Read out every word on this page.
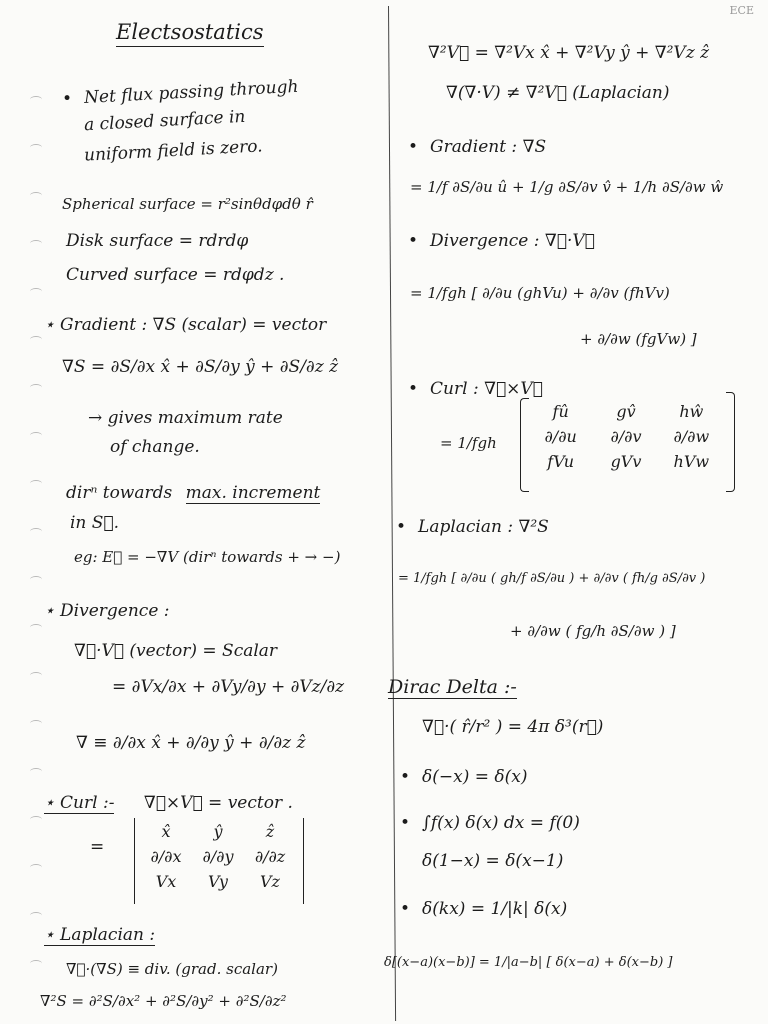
ECE
Electsostatics
• Net flux passing through
a closed surface in
uniform field is zero.
Spherical surface = r²sinθdφdθ r̂
Disk surface = rdrdφ
Curved surface = rdφdz .
⋆ Gradient : ∇S (scalar) = vector
∇S = ∂S/∂x x̂ + ∂S/∂y ŷ + ∂S/∂z ẑ
→ gives maximum rate
of change.
dirⁿ towards max. increment
in S⃗.
eg: E⃗ = −∇V (dirⁿ towards + → −)
⋆ Divergence :
∇⃗·V⃗ (vector) = Scalar
= ∂Vx/∂x + ∂Vy/∂y + ∂Vz/∂z
∇ ≡ ∂/∂x x̂ + ∂/∂y ŷ + ∂/∂z ẑ
⋆ Curl :- ∇⃗×V⃗ = vector .
=
x̂	ŷ	ẑ
∂/∂x	∂/∂y	∂/∂z
Vx	Vy	Vz
⋆ Laplacian :
∇⃗·(∇S) ≡ div. (grad. scalar)
∇²S = ∂²S/∂x² + ∂²S/∂y² + ∂²S/∂z²
∇²V⃗ = ∇²Vx x̂ + ∇²Vy ŷ + ∇²Vz ẑ
∇(∇·V) ≠ ∇²V⃗ (Laplacian)
• Gradient : ∇S
= 1/f ∂S/∂u û + 1/g ∂S/∂v v̂ + 1/h ∂S/∂w ŵ
• Divergence : ∇⃗·V⃗
= 1/fgh [ ∂/∂u (ghVu) + ∂/∂v (fhVv)
+ ∂/∂w (fgVw) ]
• Curl : ∇⃗×V⃗
= 1/fgh
fû	gv̂	hŵ
∂/∂u	∂/∂v	∂/∂w
fVu	gVv	hVw
• Laplacian : ∇²S
= 1/fgh [ ∂/∂u ( gh/f ∂S/∂u ) + ∂/∂v ( fh/g ∂S/∂v )
+ ∂/∂w ( fg/h ∂S/∂w ) ]
Dirac Delta :-
∇⃗·( r̂/r² ) = 4π δ³(r⃗)
• δ(−x) = δ(x)
• ∫f(x) δ(x) dx = f(0)
δ(1−x) = δ(x−1)
• δ(kx) = 1/|k| δ(x)
δ[(x−a)(x−b)] = 1/|a−b| [ δ(x−a) + δ(x−b) ]
